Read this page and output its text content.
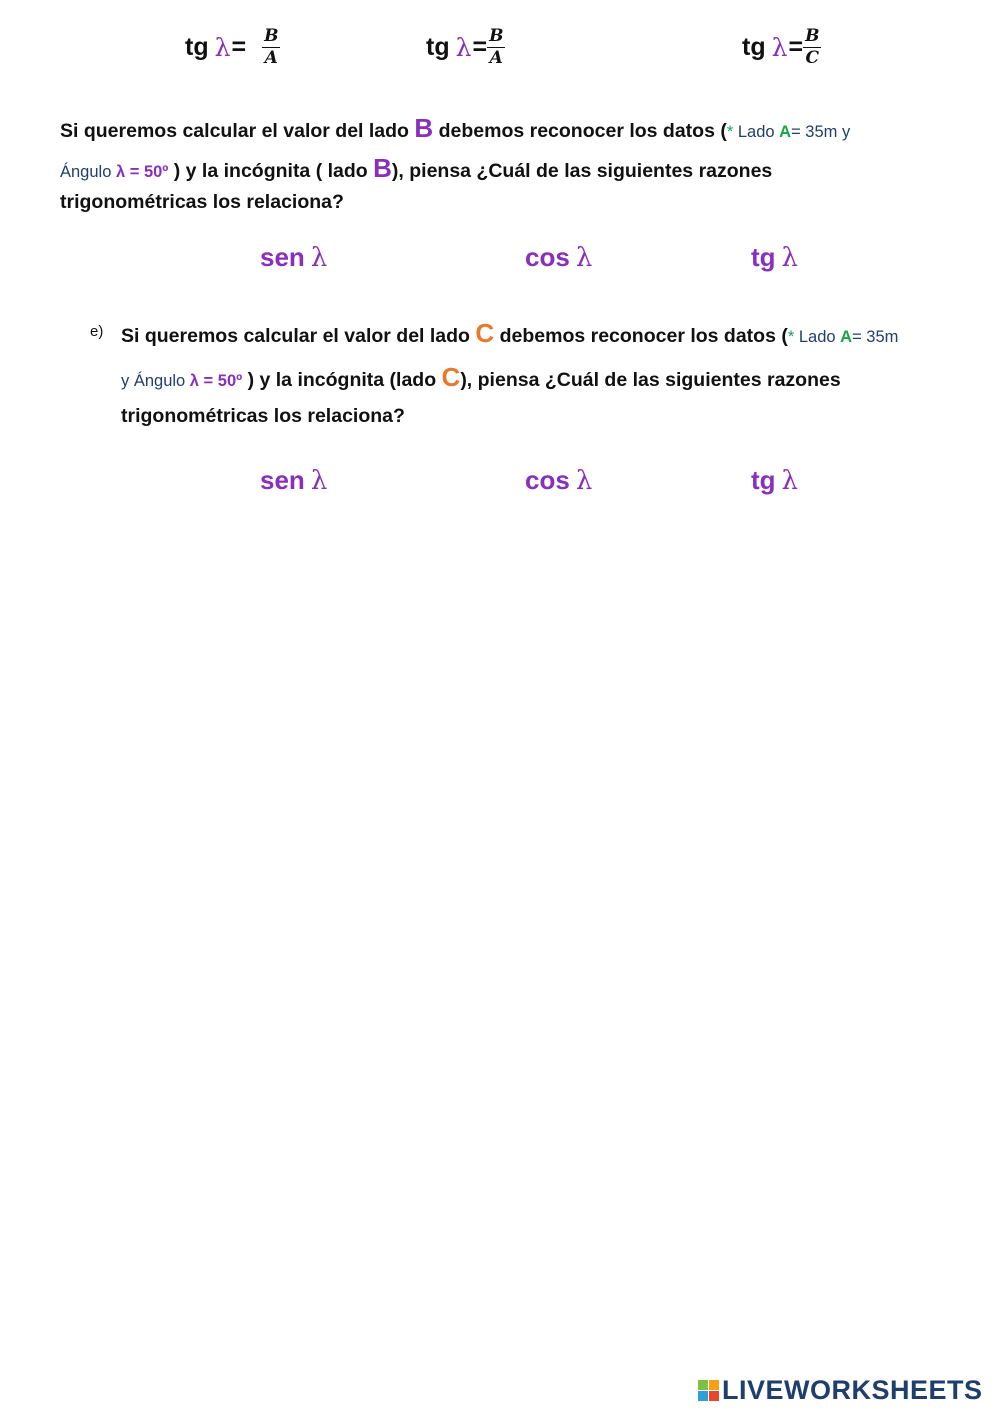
tg $\lambda = \frac{B}{A}$	tg $\lambda = \frac{B}{A}$	tg $\lambda = \frac{B}{C}$
Si queremos calcular el valor del lado B debemos reconocer los datos (* Lado A= 35m y
Ángulo λ = 50º ) y la incógnita ( lado B), piensa ¿Cuál de las siguientes razones
trigonométricas los relaciona?
sen λ	cos λ	tg λ
e) Si queremos calcular el valor del lado C debemos reconocer los datos (* Lado A= 35m
y Ángulo λ = 50º ) y la incógnita (lado C), piensa ¿Cuál de las siguientes razones
trigonométricas los relaciona?
sen λ	cos λ	tg λ
LIVEWORKSHEETS
